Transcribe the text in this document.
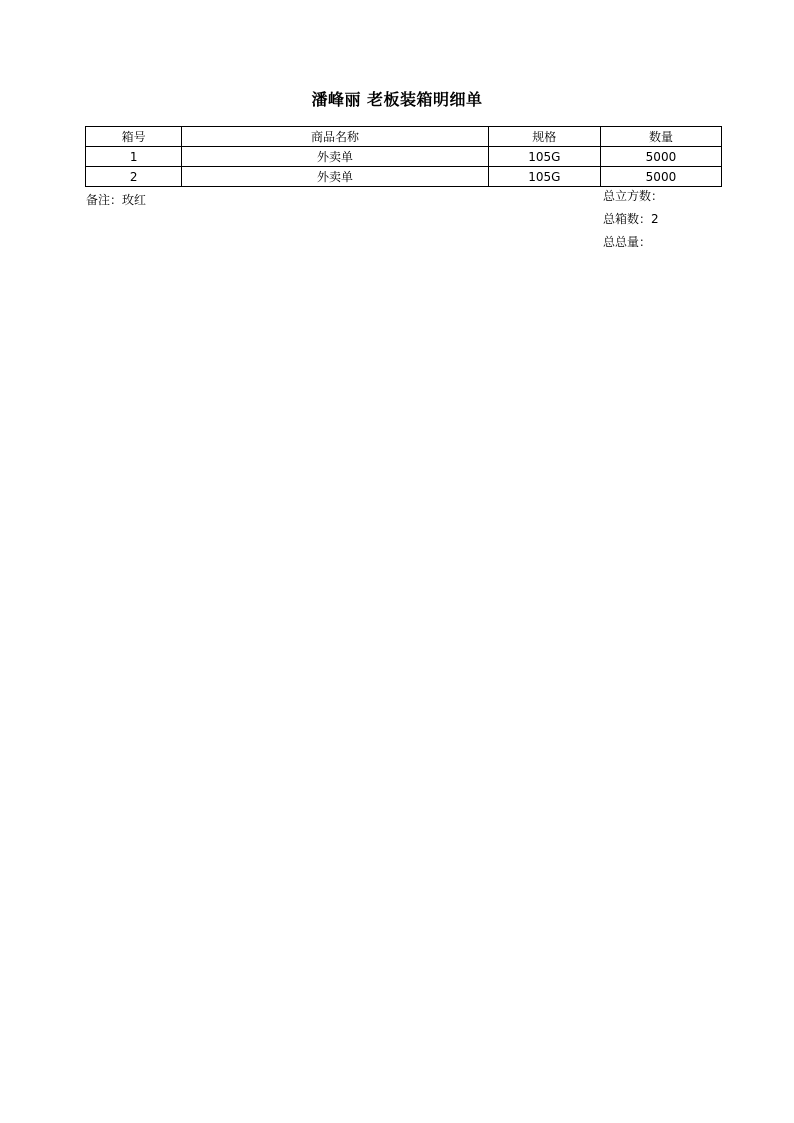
潘峰丽 老板装箱明细单
箱号	商品名称	规格	数量
1	外卖单	105G	5000
2	外卖单	105G	5000
备注：玫红	总立方数：
总箱数：2
总总量：
